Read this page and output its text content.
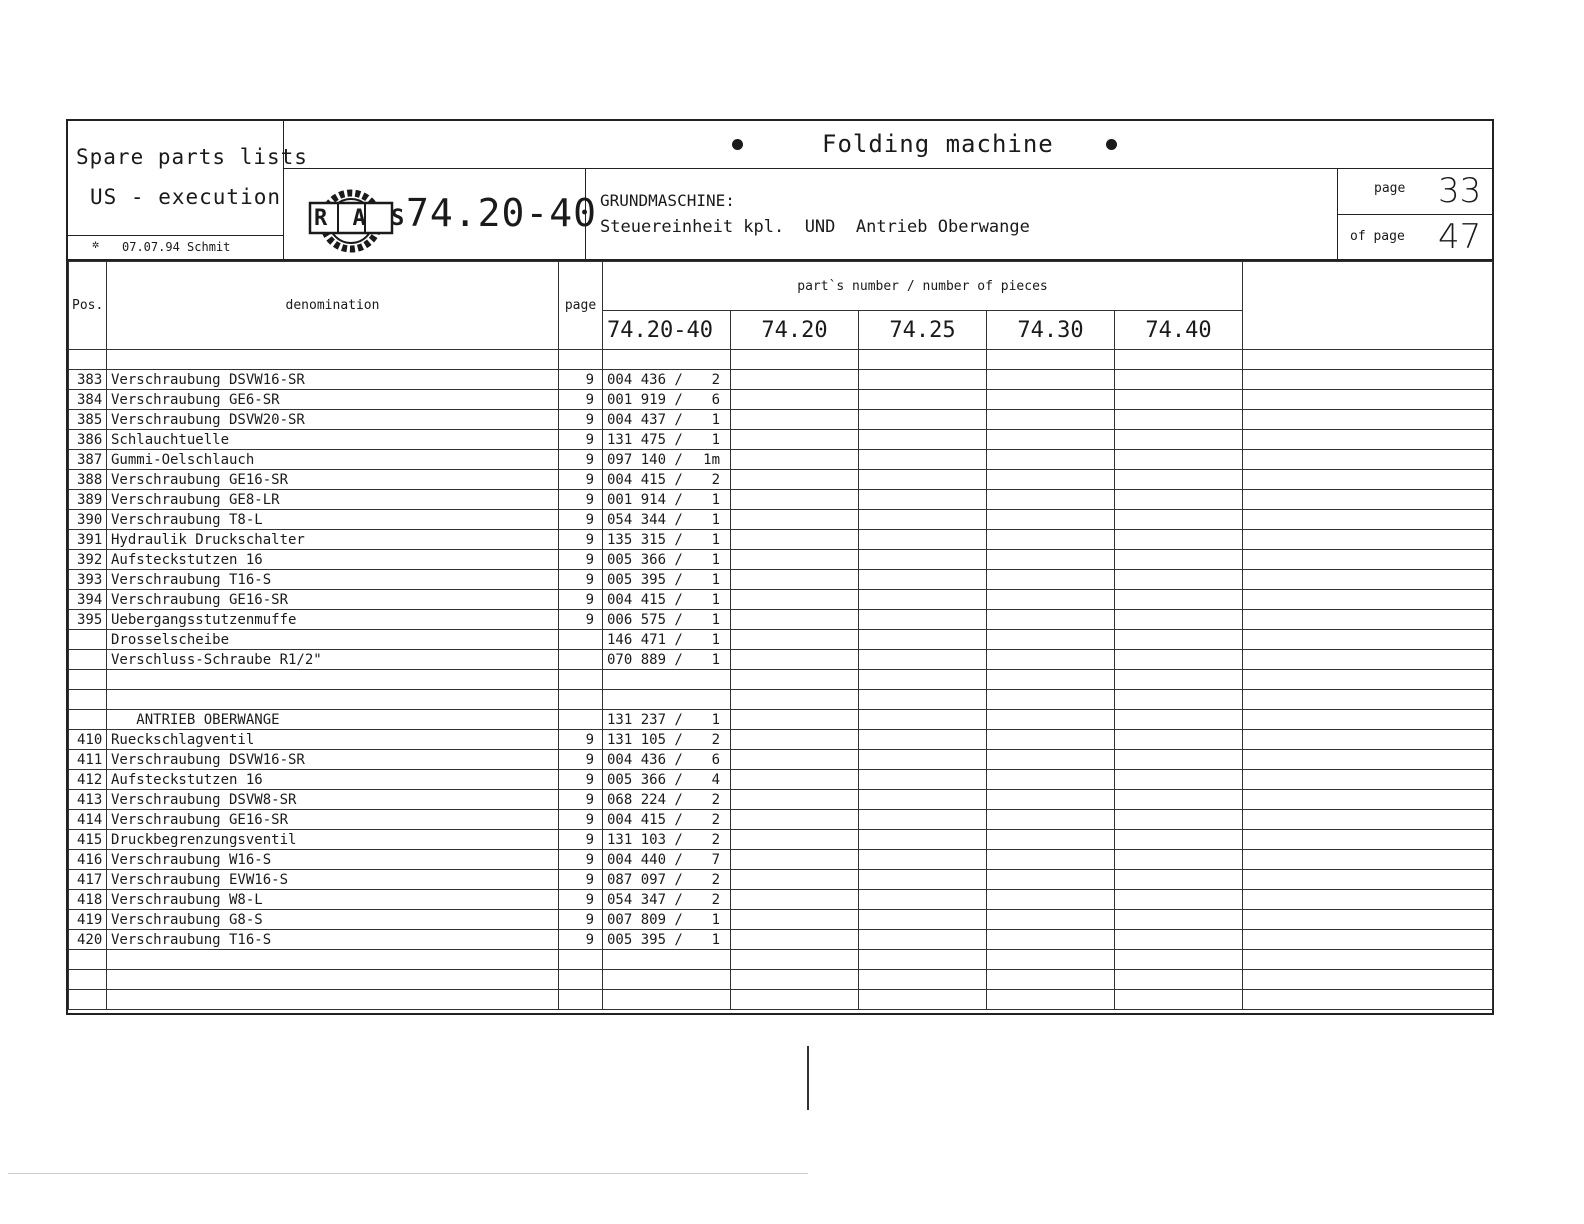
Spare parts lists
US - execution
✲ 07.07.94 Schmit
Folding machine
R A S
74.20-40 GRUNDMASCHINE:
Steuereinheit kpl.  UND  Antrieb Oberwange
page 33
of page 47
Pos.	denomination	page	part`s number / number of pieces					
			74.20-40	74.20	74.25	74.30	74.40	

383	Verschraubung DSVW16-SR	9	004 436 / 2					

384	Verschraubung GE6-SR	9	001 919 / 6					

385	Verschraubung DSVW20-SR	9	004 437 / 1					

386	Schlauchtuelle	9	131 475 / 1					

387	Gummi-Oelschlauch	9	097 140 / 1m					

388	Verschraubung GE16-SR	9	004 415 / 2					

389	Verschraubung GE8-LR	9	001 914 / 1					

390	Verschraubung T8-L	9	054 344 / 1					

391	Hydraulik Druckschalter	9	135 315 / 1					

392	Aufsteckstutzen 16	9	005 366 / 1					

393	Verschraubung T16-S	9	005 395 / 1					

394	Verschraubung GE16-SR	9	004 415 / 1					

395	Uebergangsstutzenmuffe	9	006 575 / 1					

	Drosselscheibe		146 471 / 1					

	Verschluss-Schraube R1/2"		070 889 / 1					

	ANTRIEB OBERWANGE		131 237 / 1					

410	Rueckschlagventil	9	131 105 / 2					

411	Verschraubung DSVW16-SR	9	004 436 / 6					

412	Aufsteckstutzen 16	9	005 366 / 4					

413	Verschraubung DSVW8-SR	9	068 224 / 2					

414	Verschraubung GE16-SR	9	004 415 / 2					

415	Druckbegrenzungsventil	9	131 103 / 2					

416	Verschraubung W16-S	9	004 440 / 7					

417	Verschraubung EVW16-S	9	087 097 / 2					

418	Verschraubung W8-L	9	054 347 / 2					

419	Verschraubung G8-S	9	007 809 / 1					

420	Verschraubung T16-S	9	005 395 / 1					
